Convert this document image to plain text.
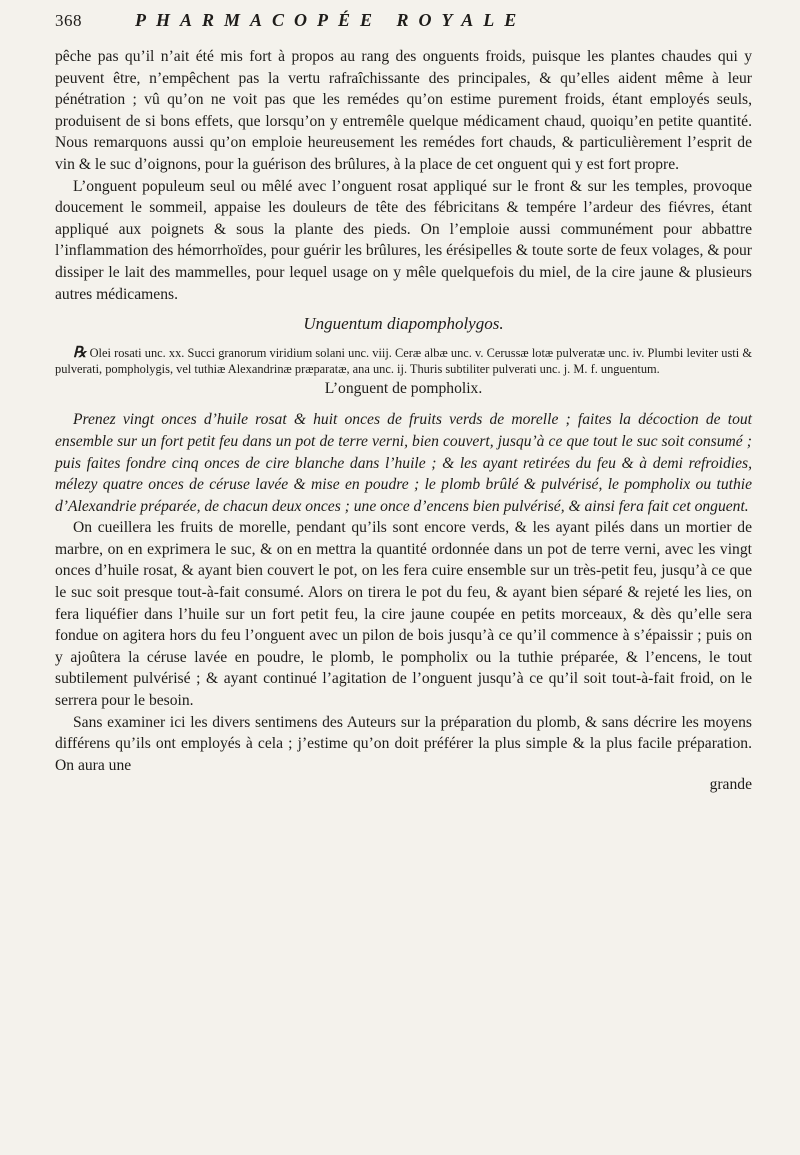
368	PHARMACOPÉE ROYALE

pêche pas qu’il n’ait été mis fort à propos au rang des onguents froids, puisque les plantes chaudes qui y peuvent être, n’empêchent pas la vertu rafraîchissante des principales, & qu’elles aident même à leur pénétration ; vû qu’on ne voit pas que les remédes qu’on estime purement froids, étant employés seuls, produisent de si bons effets, que lorsqu’on y entremêle quelque médicament chaud, quoiqu’en petite quantité. Nous remarquons aussi qu’on emploie heureusement les remédes fort chauds, & particulièrement l’esprit de vin & le suc d’oignons, pour la guérison des brûlures, à la place de cet onguent qui y est fort propre.

L’onguent populeum seul ou mêlé avec l’onguent rosat appliqué sur le front & sur les temples, provoque doucement le sommeil, appaise les douleurs de tête des fébricitans & tempére l’ardeur des fiévres, étant appliqué aux poignets & sous la plante des pieds. On l’emploie aussi communément pour abbattre l’inflammation des hémorrhoïdes, pour guérir les brûlures, les érésipelles & toute sorte de feux volages, & pour dissiper le lait des mammelles, pour lequel usage on y mêle quelquefois du miel, de la cire jaune & plusieurs autres médicamens.

Unguentum diapompholygos.

℞ Olei rosati unc. xx. Succi granorum viridium solani unc. viij. Ceræ albæ unc. v. Cerussæ lotæ pulveratæ unc. iv. Plumbi leviter usti & pulverati, pompholygis, vel tuthiæ Alexandrinæ præparatæ, ana unc. ij. Thuris subtiliter pulverati unc. j. M. f. unguentum.

L’onguent de pompholix.

Prenez vingt onces d’huile rosat & huit onces de fruits verds de morelle ; faites la décoction de tout ensemble sur un fort petit feu dans un pot de terre verni, bien couvert, jusqu’à ce que tout le suc soit consumé ; puis faites fondre cinq onces de cire blanche dans l’huile ; & les ayant retirées du feu & à demi refroidies, mélezy quatre onces de céruse lavée & mise en poudre ; le plomb brûlé & pulvérisé, le pompholix ou tuthie d’Alexandrie préparée, de chacun deux onces ; une once d’encens bien pulvérisé, & ainsi fera fait cet onguent.

On cueillera les fruits de morelle, pendant qu’ils sont encore verds, & les ayant pilés dans un mortier de marbre, on en exprimera le suc, & on en mettra la quantité ordonnée dans un pot de terre verni, avec les vingt onces d’huile rosat, & ayant bien couvert le pot, on les fera cuire ensemble sur un très-petit feu, jusqu’à ce que le suc soit presque tout-à-fait consumé. Alors on tirera le pot du feu, & ayant bien séparé & rejeté les lies, on fera liquéfier dans l’huile sur un fort petit feu, la cire jaune coupée en petits morceaux, & dès qu’elle sera fondue on agitera hors du feu l’onguent avec un pilon de bois jusqu’à ce qu’il commence à s’épaissir ; puis on y ajoûtera la céruse lavée en poudre, le plomb, le pompholix ou la tuthie préparée, & l’encens, le tout subtilement pulvérisé ; & ayant continué l’agitation de l’onguent jusqu’à ce qu’il soit tout-à-fait froid, on le serrera pour le besoin.

Sans examiner ici les divers sentimens des Auteurs sur la préparation du plomb, & sans décrire les moyens différens qu’ils ont employés à cela ; j’estime qu’on doit préférer la plus simple & la plus facile préparation. On aura une

grande
